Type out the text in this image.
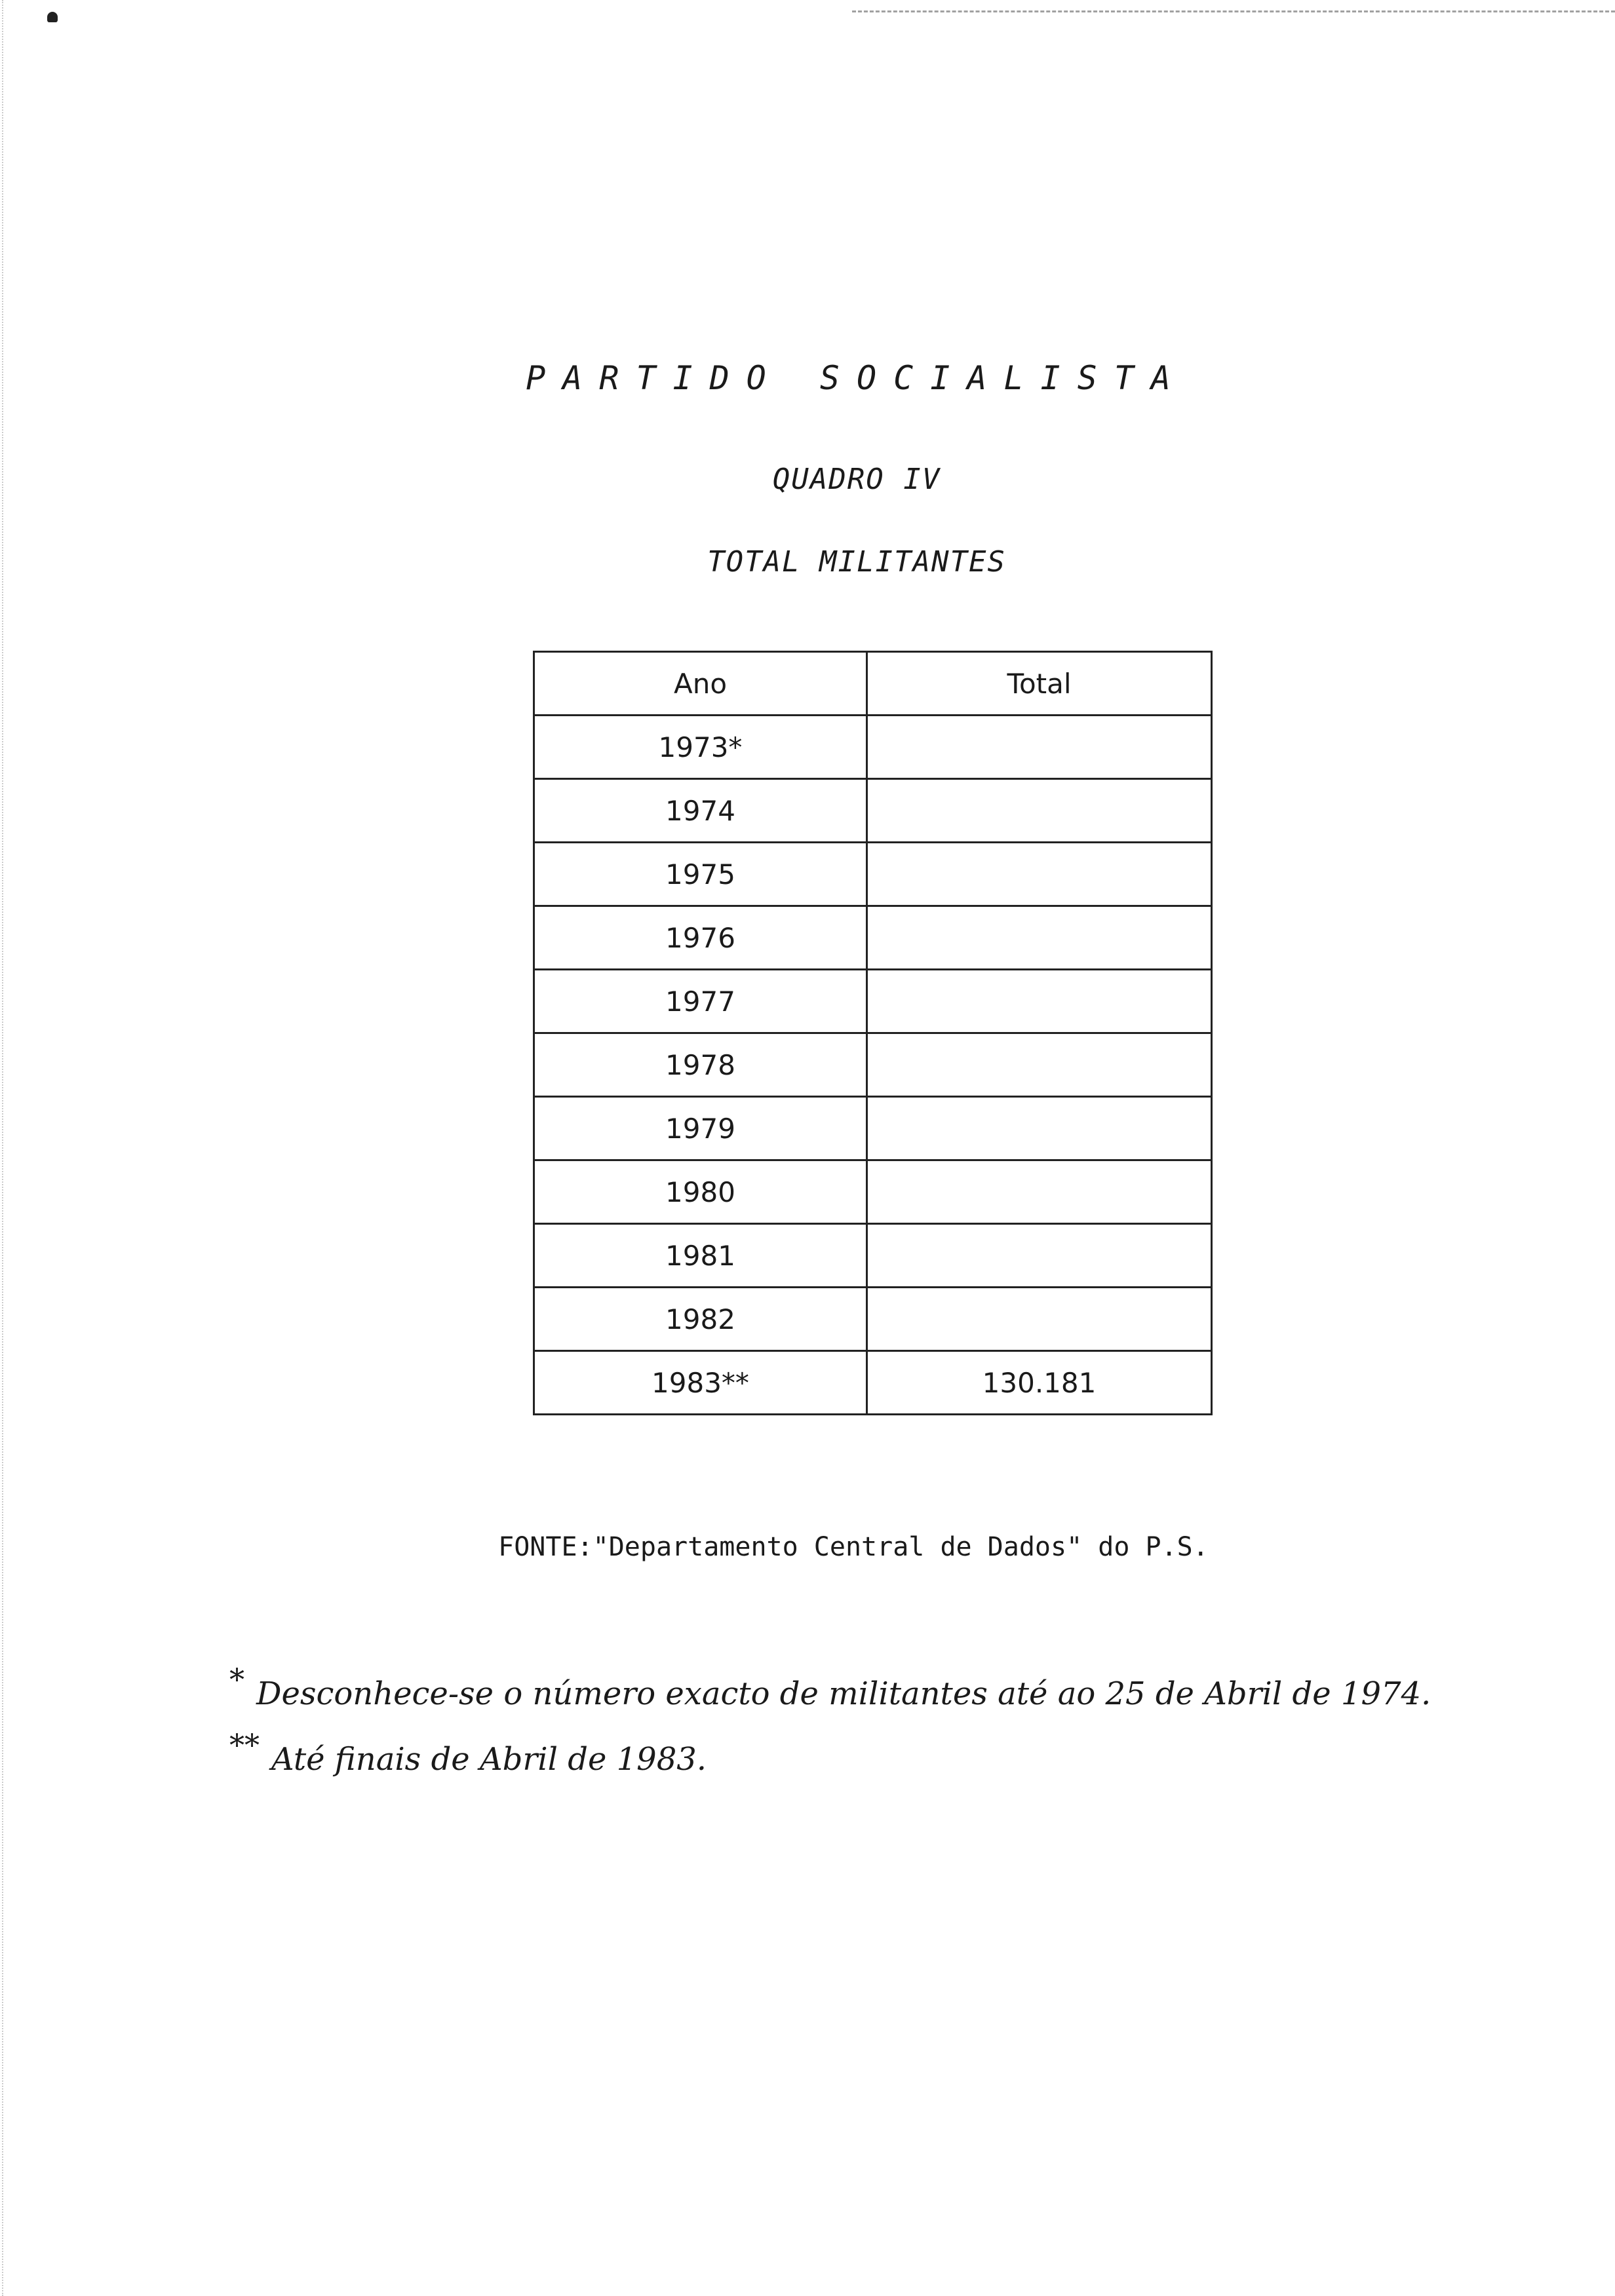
PARTIDO SOCIALISTA
QUADRO IV
TOTAL MILITANTES
Ano	Total
1973*	
1974	
1975	
1976	
1977	
1978	
1979	
1980	
1981	
1982	
1983**	130.181
FONTE:"Departamento Central de Dados" do P.S.
* Desconhece-se o número exacto de militantes até ao 25 de Abril de 1974.
** Até finais de Abril de 1983.
